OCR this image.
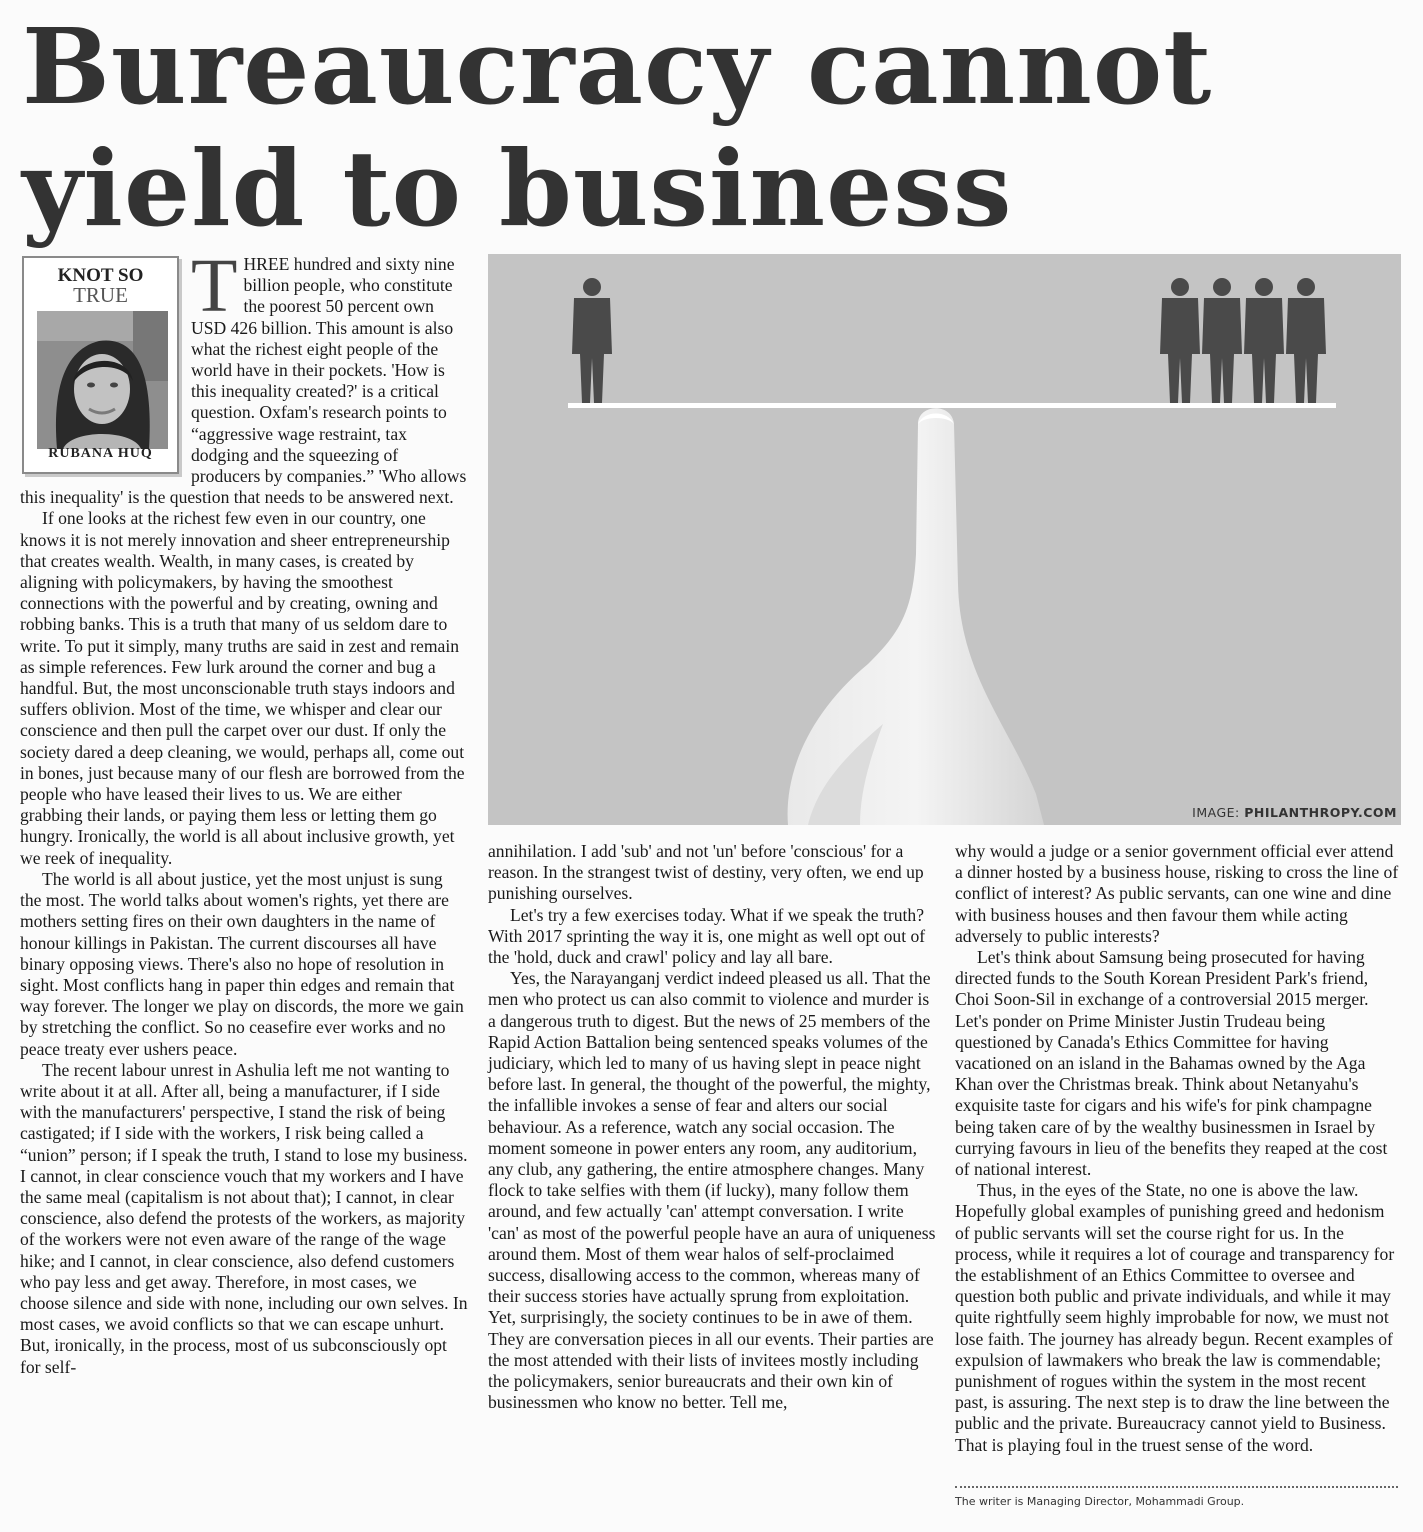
Bureaucracy cannot yield to business
KNOT SO
TRUE
RUBANA HUQ

THREE hundred and sixty nine billion people, who constitute the poorest 50 percent own USD 426 billion. This amount is also what the richest eight people of the world have in their pockets. 'How is this inequality created?' is a critical question. Oxfam's research points to “aggressive wage restraint, tax dodging and the squeezing of producers by companies.” 'Who allows this inequality' is the question that needs to be answered next.

If one looks at the richest few even in our country, one knows it is not merely innovation and sheer entrepreneurship that creates wealth. Wealth, in many cases, is created by aligning with policymakers, by having the smoothest connections with the powerful and by creating, owning and robbing banks. This is a truth that many of us seldom dare to write. To put it simply, many truths are said in zest and remain as simple references. Few lurk around the corner and bug a handful. But, the most unconscionable truth stays indoors and suffers oblivion. Most of the time, we whisper and clear our conscience and then pull the carpet over our dust. If only the society dared a deep cleaning, we would, perhaps all, come out in bones, just because many of our flesh are borrowed from the people who have leased their lives to us. We are either grabbing their lands, or paying them less or letting them go hungry. Ironically, the world is all about inclusive growth, yet we reek of inequality.

The world is all about justice, yet the most unjust is sung the most. The world talks about women's rights, yet there are mothers setting fires on their own daughters in the name of honour killings in Pakistan. The current discourses all have binary opposing views. There's also no hope of resolution in sight. Most conflicts hang in paper thin edges and remain that way forever. The longer we play on discords, the more we gain by stretching the conflict. So no ceasefire ever works and no peace treaty ever ushers peace.

The recent labour unrest in Ashulia left me not wanting to write about it at all. After all, being a manufacturer, if I side with the manufacturers' perspective, I stand the risk of being castigated; if I side with the workers, I risk being called a “union” person; if I speak the truth, I stand to lose my business. I cannot, in clear conscience vouch that my workers and I have the same meal (capitalism is not about that); I cannot, in clear conscience, also defend the protests of the workers, as majority of the workers were not even aware of the range of the wage hike; and I cannot, in clear conscience, also defend customers who pay less and get away. Therefore, in most cases, we choose silence and side with none, including our own selves. In most cases, we avoid conflicts so that we can escape unhurt. But, ironically, in the process, most of us subconsciously opt for self-

IMAGE: PHILANTHROPY.COM

annihilation. I add 'sub' and not 'un' before 'conscious' for a reason. In the strangest twist of destiny, very often, we end up punishing ourselves.

Let's try a few exercises today. What if we speak the truth? With 2017 sprinting the way it is, one might as well opt out of the 'hold, duck and crawl' policy and lay all bare.

Yes, the Narayanganj verdict indeed pleased us all. That the men who protect us can also commit to violence and murder is a dangerous truth to digest. But the news of 25 members of the Rapid Action Battalion being sentenced speaks volumes of the judiciary, which led to many of us having slept in peace night before last. In general, the thought of the powerful, the mighty, the infallible invokes a sense of fear and alters our social behaviour. As a reference, watch any social occasion. The moment someone in power enters any room, any auditorium, any club, any gathering, the entire atmosphere changes. Many flock to take selfies with them (if lucky), many follow them around, and few actually 'can' attempt conversation. I write 'can' as most of the powerful people have an aura of uniqueness around them. Most of them wear halos of self-proclaimed success, disallowing access to the common, whereas many of their success stories have actually sprung from exploitation. Yet, surprisingly, the society continues to be in awe of them. They are conversation pieces in all our events. Their parties are the most attended with their lists of invitees mostly including the policymakers, senior bureaucrats and their own kin of businessmen who know no better. Tell me,

why would a judge or a senior government official ever attend a dinner hosted by a business house, risking to cross the line of conflict of interest? As public servants, can one wine and dine with business houses and then favour them while acting adversely to public interests?

Let's think about Samsung being prosecuted for having directed funds to the South Korean President Park's friend, Choi Soon-Sil in exchange of a controversial 2015 merger. Let's ponder on Prime Minister Justin Trudeau being questioned by Canada's Ethics Committee for having vacationed on an island in the Bahamas owned by the Aga Khan over the Christmas break. Think about Netanyahu's exquisite taste for cigars and his wife's for pink champagne being taken care of by the wealthy businessmen in Israel by currying favours in lieu of the benefits they reaped at the cost of national interest.

Thus, in the eyes of the State, no one is above the law. Hopefully global examples of punishing greed and hedonism of public servants will set the course right for us. In the process, while it requires a lot of courage and transparency for the establishment of an Ethics Committee to oversee and question both public and private individuals, and while it may quite rightfully seem highly improbable for now, we must not lose faith. The journey has already begun. Recent examples of expulsion of lawmakers who break the law is commendable; punishment of rogues within the system in the most recent past, is assuring. The next step is to draw the line between the public and the private. Bureaucracy cannot yield to Business. That is playing foul in the truest sense of the word.

The writer is Managing Director, Mohammadi Group.
